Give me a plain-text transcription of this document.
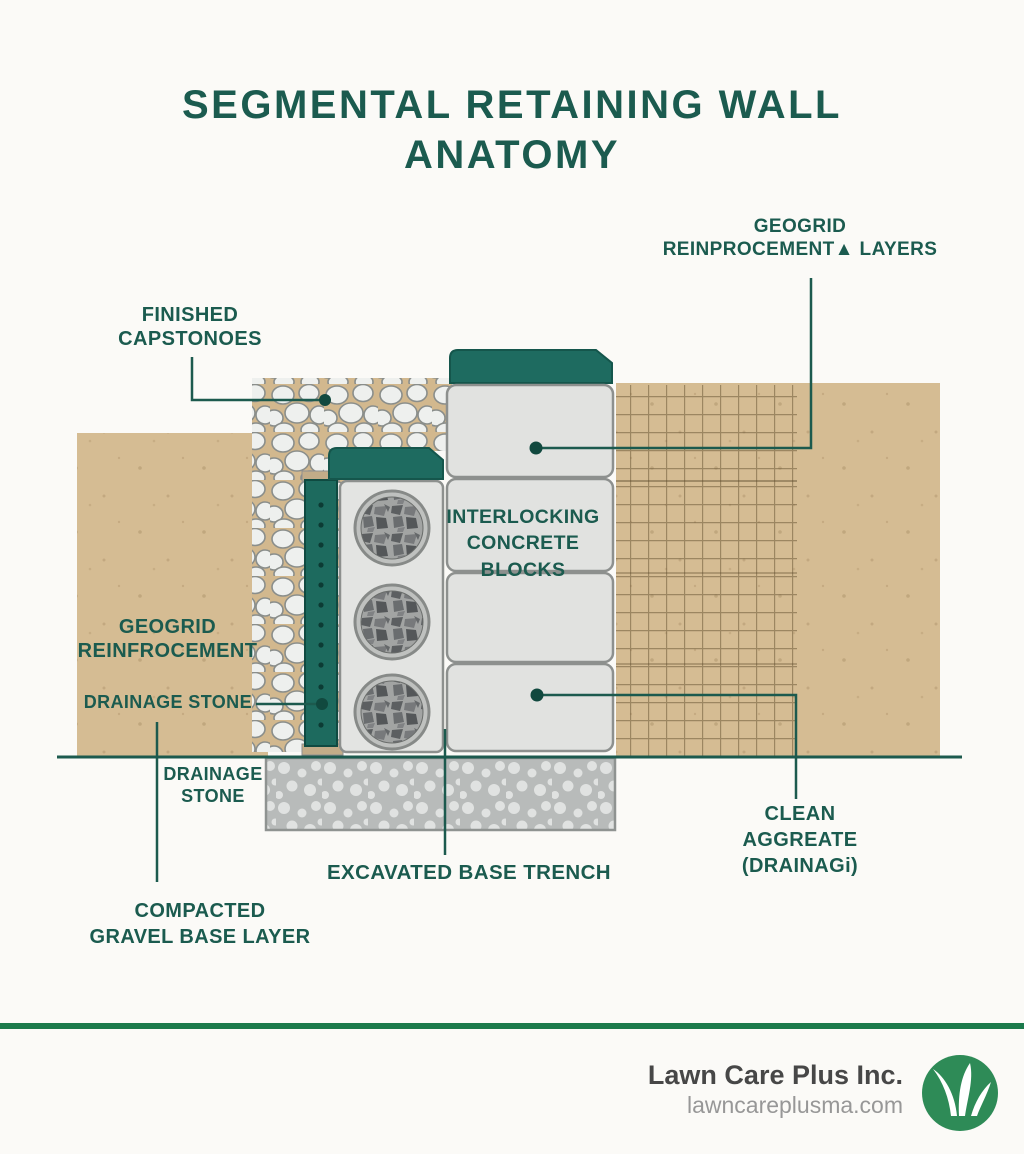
SEGMENTAL RETAINING WALL
ANATOMY
GEOGRID
REINPROCEMENT▲ LAYERS
FINISHED
CAPSTONOES
INTERLOCKING
CONCRETE
BLOCKS
GEOGRID
REINFROCEMENT
DRAINAGE STONE
DRAINAGE
STONE
CLEAN
AGGREATE
(DRAINAGi)
EXCAVATED BASE TRENCH
COMPACTED
GRAVEL BASE LAYER
Lawn Care Plus Inc.
lawncareplusma.com
